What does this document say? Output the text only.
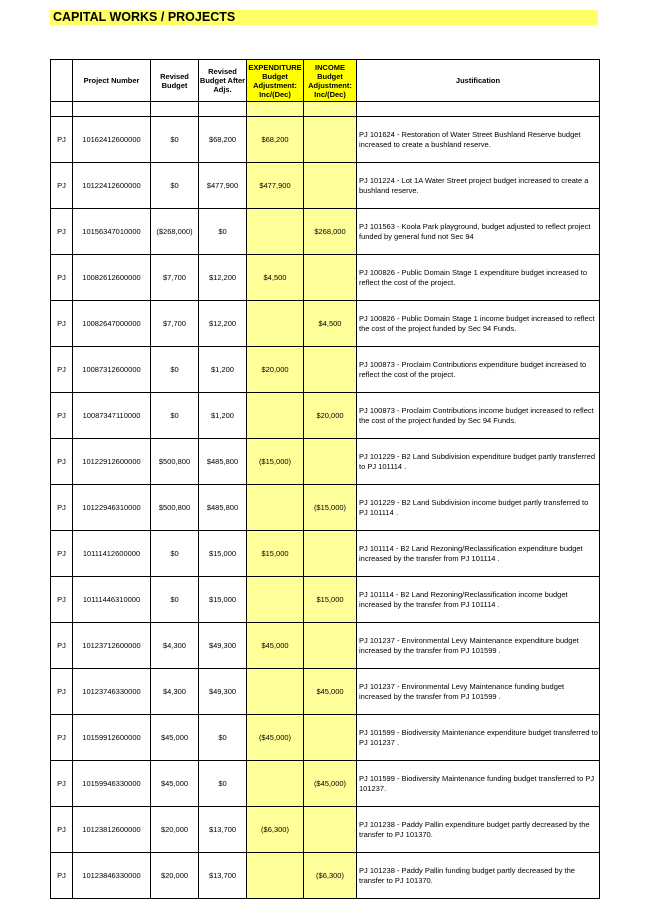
CAPITAL WORKS / PROJECTS
	Project Number	Revised Budget	Revised Budget After Adjs.	EXPENDITURE Budget Adjustment: Inc/(Dec)	INCOME Budget Adjustment: Inc/(Dec)	Justification

PJ	10162412600000	$0	$68,200	$68,200		PJ 101624 - Restoration of Water Street Bushland Reserve budget increased to create a bushland reserve.
PJ	10122412600000	$0	$477,900	$477,900		PJ 101224 - Lot 1A Water Street project budget increased to create a bushland reserve.
PJ	10156347010000	($268,000)	$0		$268,000	PJ 101563 - Koola Park playground, budget adjusted to reflect project funded by general fund not Sec 94
PJ	10082612600000	$7,700	$12,200	$4,500		PJ 100826 - Public Domain Stage 1 expenditure budget increased to reflect the cost of the project.
PJ	10082647000000	$7,700	$12,200		$4,500	PJ 100826 - Public Domain Stage 1 income budget increased to reflect the cost of the project funded by Sec 94 Funds.
PJ	10087312600000	$0	$1,200	$20,000		PJ 100873 - Proclaim Contributions expenditure budget increased to reflect the cost of the project.
PJ	10087347110000	$0	$1,200		$20,000	PJ 100873 - Proclaim Contributions income budget increased to reflect the cost of the project funded by Sec 94 Funds.
PJ	10122912600000	$500,800	$485,800	($15,000)		PJ 101229 - B2 Land Subdivision expenditure budget partly transferred to PJ 101114 .
PJ	10122946310000	$500,800	$485,800		($15,000)	PJ 101229 - B2 Land Subdivision income budget partly transferred to PJ 101114 .
PJ	10111412600000	$0	$15,000	$15,000		PJ 101114 - B2 Land Rezoning/Reclassification expenditure budget increased by the transfer from PJ 101114 .
PJ	10111446310000	$0	$15,000		$15,000	PJ 101114 - B2 Land Rezoning/Reclassification income budget increased by the transfer from PJ 101114 .
PJ	10123712600000	$4,300	$49,300	$45,000		PJ 101237 - Environmental Levy Maintenance expenditure budget increased by the transfer from PJ 101599 .
PJ	10123746330000	$4,300	$49,300		$45,000	PJ 101237 - Environmental Levy Maintenance funding budget increased by the transfer from PJ 101599 .
PJ	10159912600000	$45,000	$0	($45,000)		PJ 101599 - Biodiversity Maintenance expenditure budget transferred to PJ 101237 .
PJ	10159946330000	$45,000	$0		($45,000)	PJ 101599 - Biodiversity Maintenance funding budget transferred to PJ 101237.
PJ	10123812600000	$20,000	$13,700	($6,300)		PJ 101238 - Paddy Pallin expenditure budget partly decreased by the transfer to PJ 101370.
PJ	10123846330000	$20,000	$13,700		($6,300)	PJ 101238 - Paddy Pallin funding budget partly decreased by the transfer to PJ 101370.
